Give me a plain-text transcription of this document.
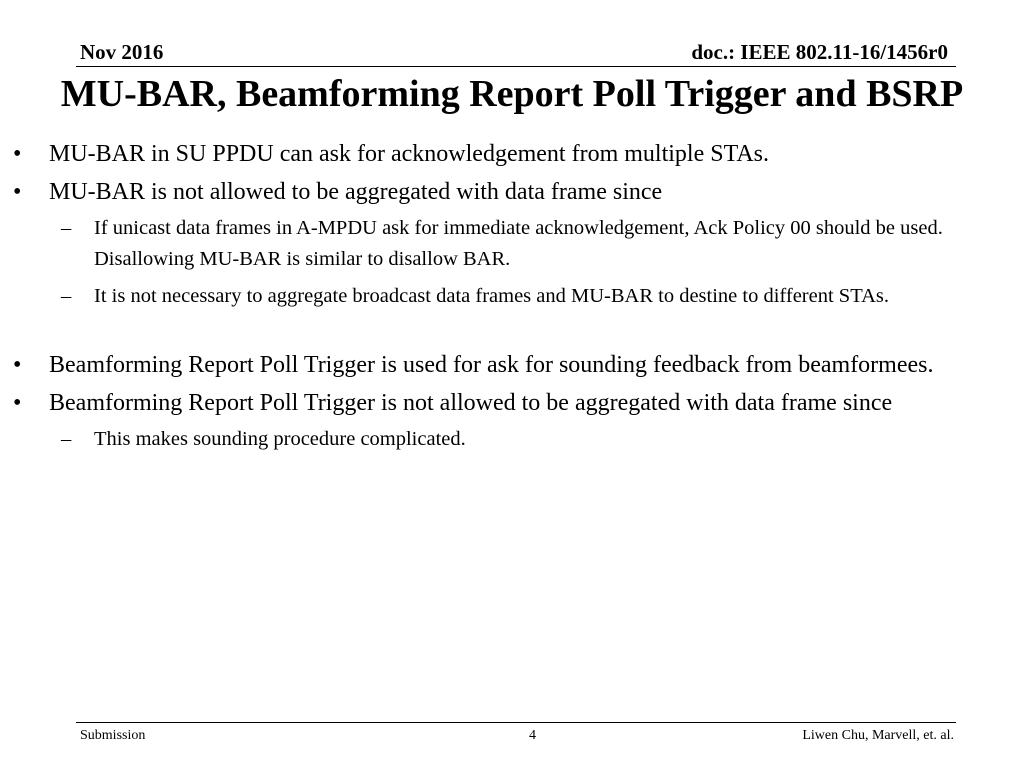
Nov 2016	doc.: IEEE 802.11-16/1456r0
MU-BAR, Beamforming Report Poll Trigger and BSRP
• MU-BAR in SU PPDU can ask for acknowledgement from multiple STAs.
• MU-BAR is not allowed to be aggregated with data frame since
– If unicast data frames in A-MPDU ask for immediate acknowledgement, Ack Policy 00 should be used. Disallowing MU-BAR is similar to disallow BAR.
– It is not necessary to aggregate broadcast data frames and MU-BAR to destine to different STAs.
• Beamforming Report Poll Trigger is used for ask for sounding feedback from beamformees.
• Beamforming Report Poll Trigger is not allowed to be aggregated with data frame since
– This makes sounding procedure complicated.
Submission	4	Liwen Chu, Marvell, et. al.
